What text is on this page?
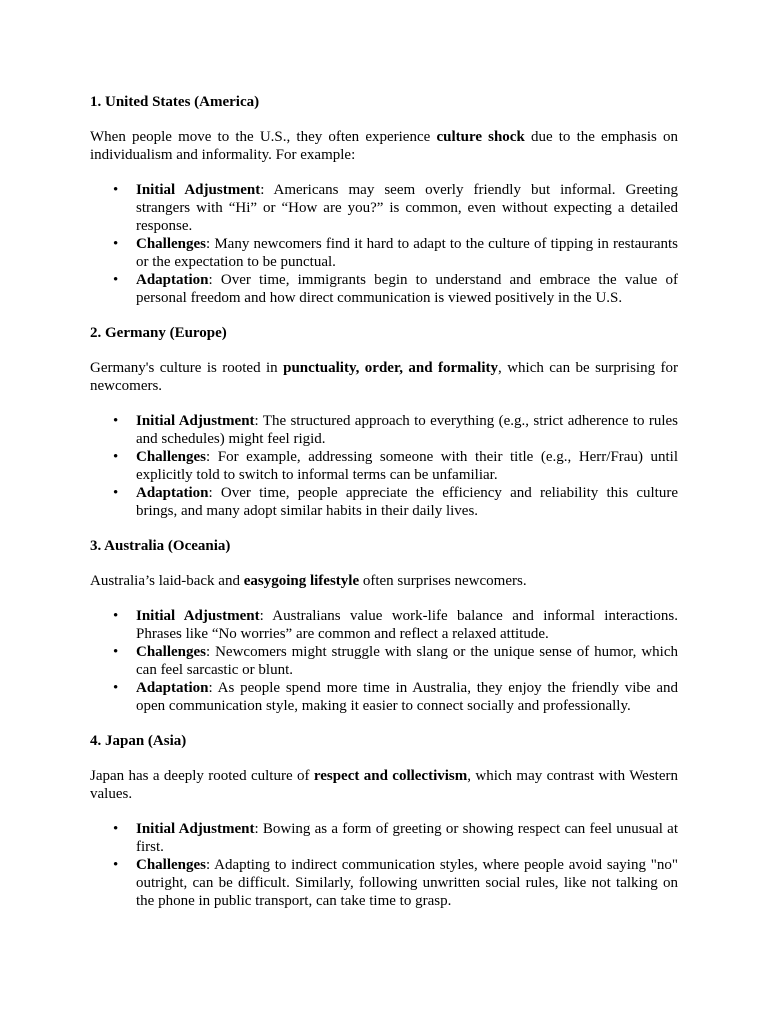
1. United States (America)

When people move to the U.S., they often experience culture shock due to the emphasis on individualism and informality. For example:

• Initial Adjustment: Americans may seem overly friendly but informal. Greeting strangers with “Hi” or “How are you?” is common, even without expecting a detailed response.
• Challenges: Many newcomers find it hard to adapt to the culture of tipping in restaurants or the expectation to be punctual.
• Adaptation: Over time, immigrants begin to understand and embrace the value of personal freedom and how direct communication is viewed positively in the U.S.

2. Germany (Europe)

Germany's culture is rooted in punctuality, order, and formality, which can be surprising for newcomers.

• Initial Adjustment: The structured approach to everything (e.g., strict adherence to rules and schedules) might feel rigid.
• Challenges: For example, addressing someone with their title (e.g., Herr/Frau) until explicitly told to switch to informal terms can be unfamiliar.
• Adaptation: Over time, people appreciate the efficiency and reliability this culture brings, and many adopt similar habits in their daily lives.

3. Australia (Oceania)

Australia’s laid-back and easygoing lifestyle often surprises newcomers.

• Initial Adjustment: Australians value work-life balance and informal interactions. Phrases like “No worries” are common and reflect a relaxed attitude.
• Challenges: Newcomers might struggle with slang or the unique sense of humor, which can feel sarcastic or blunt.
• Adaptation: As people spend more time in Australia, they enjoy the friendly vibe and open communication style, making it easier to connect socially and professionally.

4. Japan (Asia)

Japan has a deeply rooted culture of respect and collectivism, which may contrast with Western values.

• Initial Adjustment: Bowing as a form of greeting or showing respect can feel unusual at first.
• Challenges: Adapting to indirect communication styles, where people avoid saying "no" outright, can be difficult. Similarly, following unwritten social rules, like not talking on the phone in public transport, can take time to grasp.
